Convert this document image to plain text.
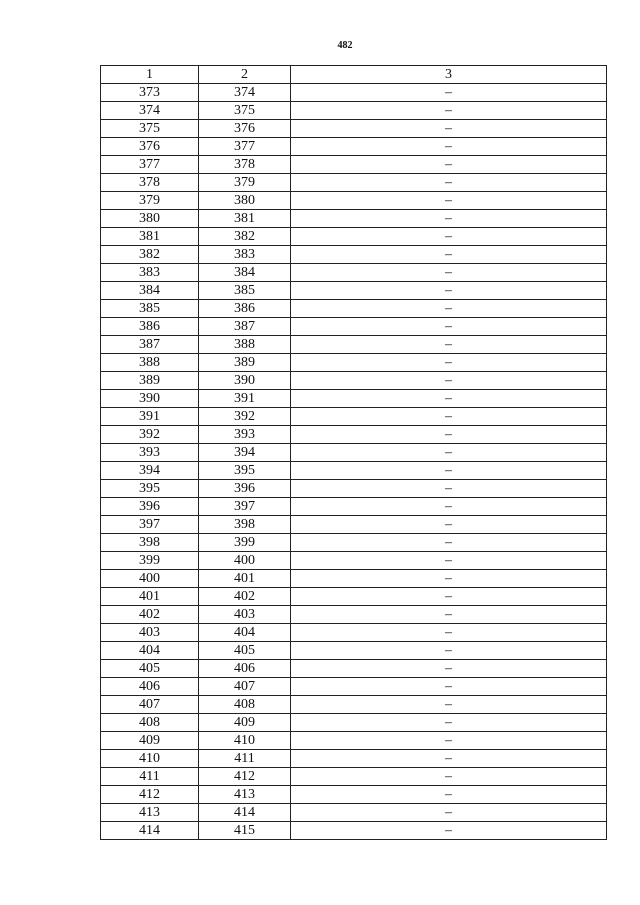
482
1	2	3
373	374	–
374	375	–
375	376	–
376	377	–
377	378	–
378	379	–
379	380	–
380	381	–
381	382	–
382	383	–
383	384	–
384	385	–
385	386	–
386	387	–
387	388	–
388	389	–
389	390	–
390	391	–
391	392	–
392	393	–
393	394	–
394	395	–
395	396	–
396	397	–
397	398	–
398	399	–
399	400	–
400	401	–
401	402	–
402	403	–
403	404	–
404	405	–
405	406	–
406	407	–
407	408	–
408	409	–
409	410	–
410	411	–
411	412	–
412	413	–
413	414	–
414	415	–
